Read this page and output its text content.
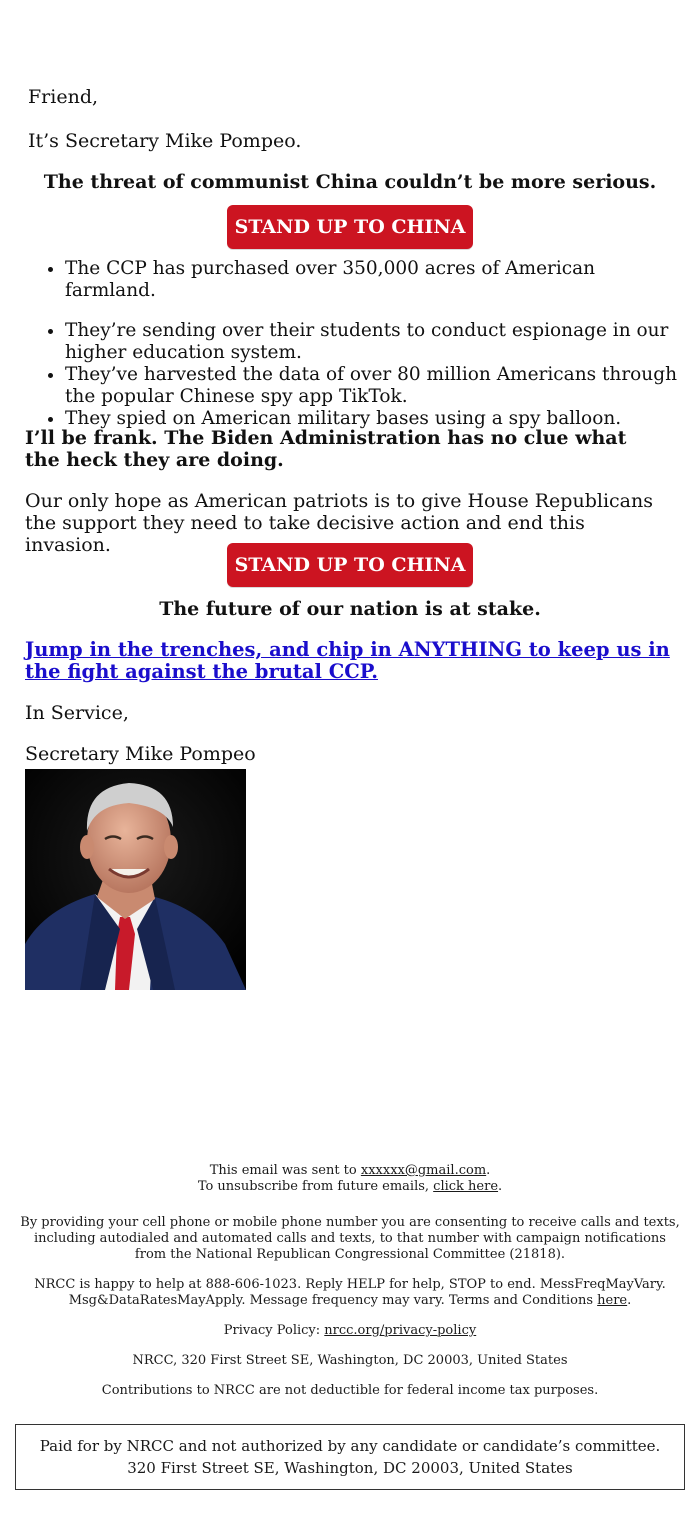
Friend,

It’s Secretary Mike Pompeo.

The threat of communist China couldn’t be more serious.

STAND UP TO CHINA
• The CCP has purchased over 350,000 acres of American farmland.
• They’re sending over their students to conduct espionage in our higher education system.
• They’ve harvested the data of over 80 million Americans through the popular Chinese spy app TikTok.
• They spied on American military bases using a spy balloon.

I’ll be frank. The Biden Administration has no clue what the heck they are doing.

Our only hope as American patriots is to give House Republicans the support they need to take decisive action and end this invasion.

STAND UP TO CHINA

The future of our nation is at stake.

Jump in the trenches, and chip in ANYTHING to keep us in the fight against the brutal CCP.

In Service,

Secretary Mike Pompeo

This email was sent to xxxxxx@gmail.com.
To unsubscribe from future emails, click here.
By providing your cell phone or mobile phone number you are consenting to receive calls and texts, including autodialed and automated calls and texts, to that number with campaign notifications from the National Republican Congressional Committee (21818).
NRCC is happy to help at 888-606-1023. Reply HELP for help, STOP to end. MessFreqMayVary. Msg&DataRatesMayApply. Message frequency may vary. Terms and Conditions here.
Privacy Policy: nrcc.org/privacy-policy
NRCC, 320 First Street SE, Washington, DC 20003, United States
Contributions to NRCC are not deductible for federal income tax purposes.
Paid for by NRCC and not authorized by any candidate or candidate’s committee. 320 First Street SE, Washington, DC 20003, United States
